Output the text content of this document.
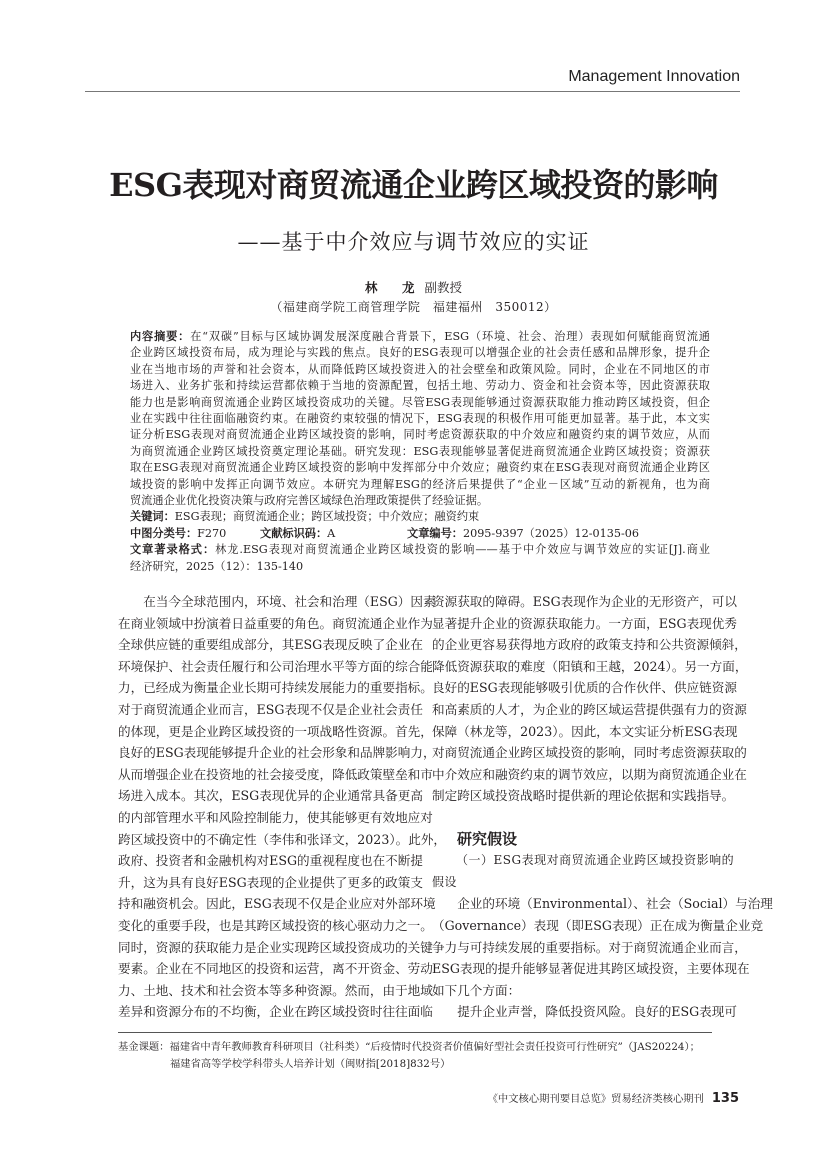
Management Innovation
ESG表现对商贸流通企业跨区域投资的影响
——基于中介效应与调节效应的实证
林　龙 副教授
（福建商学院工商管理学院　福建福州　350012）
内容摘要：在“双碳”目标与区域协调发展深度融合背景下，ESG（环境、社会、治理）表现如何赋能商贸流通
企业跨区域投资布局，成为理论与实践的焦点。良好的ESG表现可以增强企业的社会责任感和品牌形象，提升企
业在当地市场的声誉和社会资本，从而降低跨区域投资进入的社会壁垒和政策风险。同时，企业在不同地区的市
场进入、业务扩张和持续运营都依赖于当地的资源配置，包括土地、劳动力、资金和社会资本等，因此资源获取
能力也是影响商贸流通企业跨区域投资成功的关键。尽管ESG表现能够通过资源获取能力推动跨区域投资，但企
业在实践中往往面临融资约束。在融资约束较强的情况下，ESG表现的积极作用可能更加显著。基于此，本文实
证分析ESG表现对商贸流通企业跨区域投资的影响，同时考虑资源获取的中介效应和融资约束的调节效应，从而
为商贸流通企业跨区域投资奠定理论基础。研究发现：ESG表现能够显著促进商贸流通企业跨区域投资；资源获
取在ESG表现对商贸流通企业跨区域投资的影响中发挥部分中介效应；融资约束在ESG表现对商贸流通企业跨区
域投资的影响中发挥正向调节效应。本研究为理解ESG的经济后果提供了“企业－区域”互动的新视角，也为商
贸流通企业优化投资决策与政府完善区域绿色治理政策提供了经验证据。
关键词：ESG表现；商贸流通企业；跨区域投资；中介效应；融资约束
中图分类号：F270	文献标识码：A	文章编号：2095-9397（2025）12-0135-06
文章著录格式：林龙.ESG表现对商贸流通企业跨区域投资的影响——基于中介效应与调节效应的实证[J].商业
经济研究，2025（12）：135-140
在当今全球范围内，环境、社会和治理（ESG）因素
在商业领域中扮演着日益重要的角色。商贸流通企业作为
全球供应链的重要组成部分，其ESG表现反映了企业在
环境保护、社会责任履行和公司治理水平等方面的综合能
力，已经成为衡量企业长期可持续发展能力的重要指标。
对于商贸流通企业而言，ESG表现不仅是企业社会责任
的体现，更是企业跨区域投资的一项战略性资源。首先，
良好的ESG表现能够提升企业的社会形象和品牌影响力，
从而增强企业在投资地的社会接受度，降低政策壁垒和市
场进入成本。其次，ESG表现优异的企业通常具备更高
的内部管理水平和风险控制能力，使其能够更有效地应对
跨区域投资中的不确定性（李伟和张译文，2023）。此外，
政府、投资者和金融机构对ESG的重视程度也在不断提
升，这为具有良好ESG表现的企业提供了更多的政策支
持和融资机会。因此，ESG表现不仅是企业应对外部环境
变化的重要手段，也是其跨区域投资的核心驱动力之一。
同时，资源的获取能力是企业实现跨区域投资成功的关键
要素。企业在不同地区的投资和运营，离不开资金、劳动
力、土地、技术和社会资本等多种资源。然而，由于地域
差异和资源分布的不均衡，企业在跨区域投资时往往面临
资源获取的障碍。ESG表现作为企业的无形资产，可以
显著提升企业的资源获取能力。一方面，ESG表现优秀
的企业更容易获得地方政府的政策支持和公共资源倾斜，
降低资源获取的难度（阳镇和王越，2024）。另一方面，
良好的ESG表现能够吸引优质的合作伙伴、供应链资源
和高素质的人才，为企业的跨区域运营提供强有力的资源
保障（林龙等，2023）。因此，本文实证分析ESG表现
对商贸流通企业跨区域投资的影响，同时考虑资源获取的
中介效应和融资约束的调节效应，以期为商贸流通企业在
制定跨区域投资战略时提供新的理论依据和实践指导。
研究假设
（一）ESG表现对商贸流通企业跨区域投资影响的
假设
企业的环境（Environmental）、社会（Social）与治理
（Governance）表现（即ESG表现）正在成为衡量企业竞
争力与可持续发展的重要指标。对于商贸流通企业而言，
ESG表现的提升能够显著促进其跨区域投资，主要体现在
如下几个方面：
提升企业声誉，降低投资风险。良好的ESG表现可
基金课题：福建省中青年教师教育科研项目（社科类）“后疫情时代投资者价值偏好型社会责任投资可行性研究”（JAS20224）；
福建省高等学校学科带头人培养计划（闽财指[2018]832号）
《中文核心期刊要目总览》贸易经济类核心期刊 135
